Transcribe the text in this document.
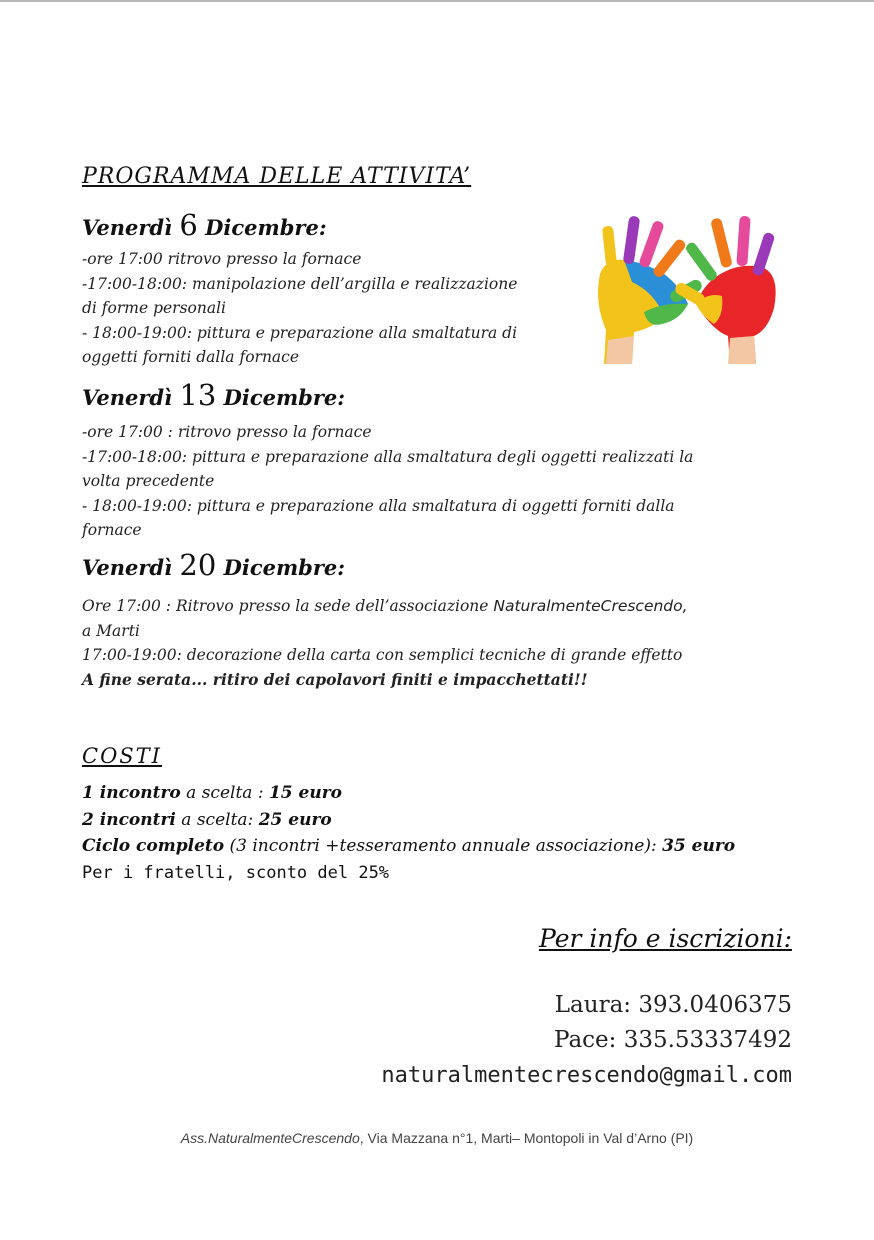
PROGRAMMA DELLE ATTIVITA’
Venerdì 6 Dicembre:
-ore 17:00 ritrovo presso la fornace
-17:00-18:00: manipolazione dell’argilla e realizzazione
di forme personali
- 18:00-19:00: pittura e preparazione alla smaltatura di
oggetti forniti dalla fornace
Venerdì 13 Dicembre:
-ore 17:00 : ritrovo presso la fornace
-17:00-18:00: pittura e preparazione alla smaltatura degli oggetti realizzati la
volta precedente
- 18:00-19:00: pittura e preparazione alla smaltatura di oggetti forniti dalla
fornace
Venerdì 20 Dicembre:
Ore 17:00 : Ritrovo presso la sede dell’associazione NaturalmenteCrescendo,
a Marti
17:00-19:00: decorazione della carta con semplici tecniche di grande effetto
A fine serata... ritiro dei capolavori finiti e impacchettati!!
COSTI
1 incontro a scelta : 15 euro
2 incontri a scelta: 25 euro
Ciclo completo (3 incontri +tesseramento annuale associazione): 35 euro
Per i fratelli, sconto del 25%
Per info e iscrizioni:
Laura: 393.0406375
Pace: 335.53337492
naturalmentecrescendo@gmail.com
Ass.NaturalmenteCrescendo, Via Mazzana n°1, Marti– Montopoli in Val d’Arno (PI)
